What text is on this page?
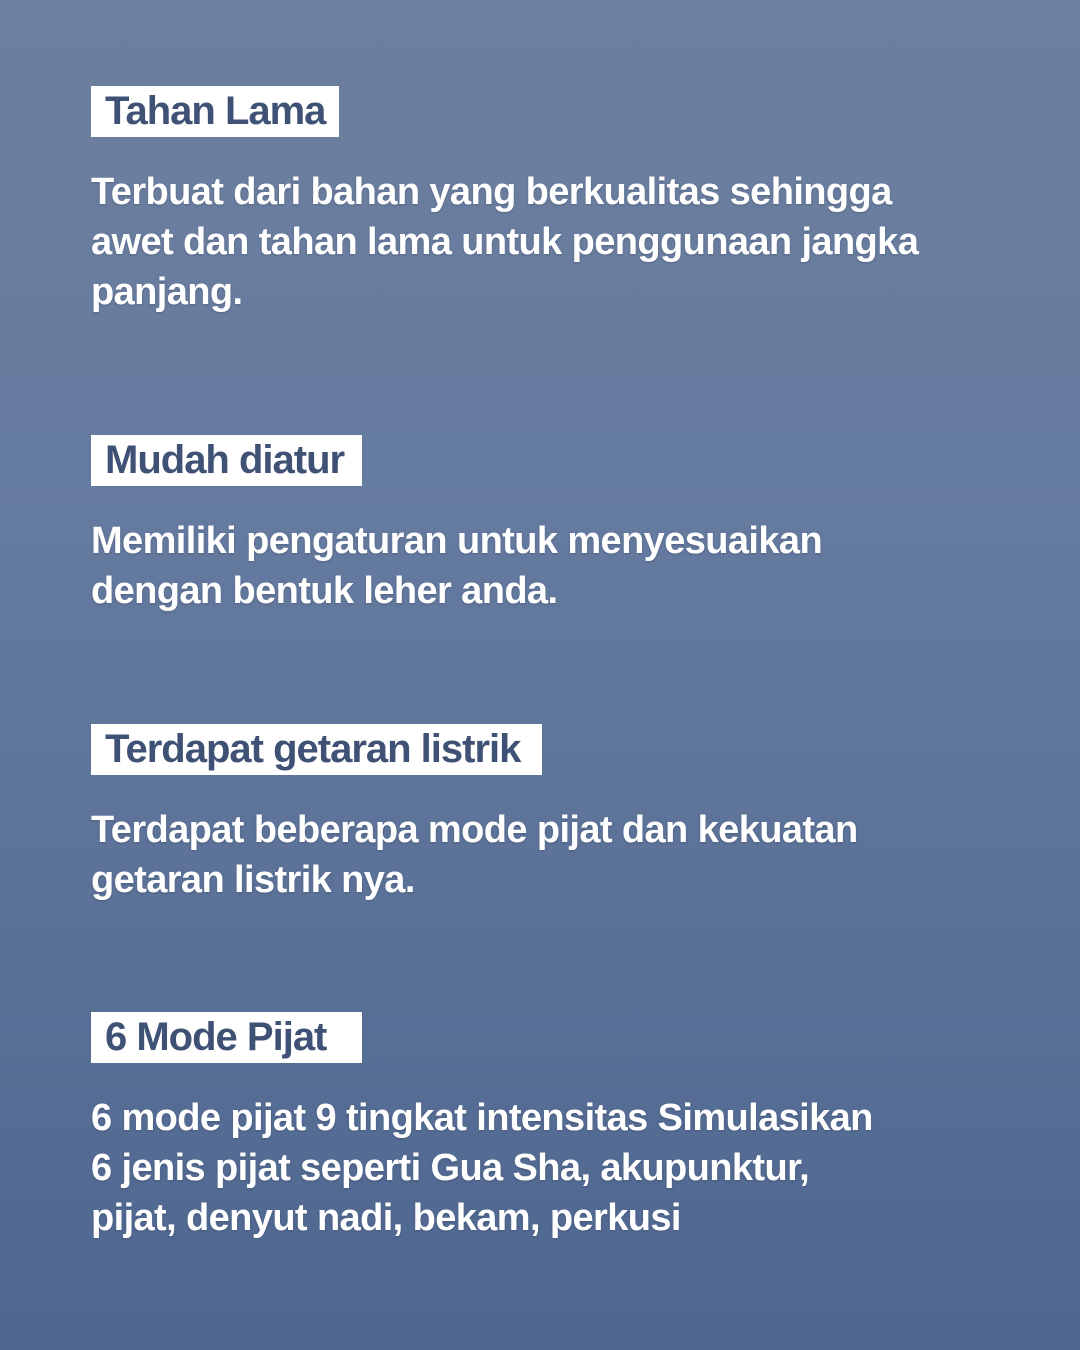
Tahan Lama

Terbuat dari bahan yang berkualitas sehingga
awet dan tahan lama untuk penggunaan jangka
panjang.

Mudah diatur

Memiliki pengaturan untuk menyesuaikan
dengan bentuk leher anda.

Terdapat getaran listrik

Terdapat beberapa mode pijat dan kekuatan
getaran listrik nya.

6 Mode Pijat

6 mode pijat 9 tingkat intensitas Simulasikan
6 jenis pijat seperti Gua Sha, akupunktur,
pijat, denyut nadi, bekam, perkusi
